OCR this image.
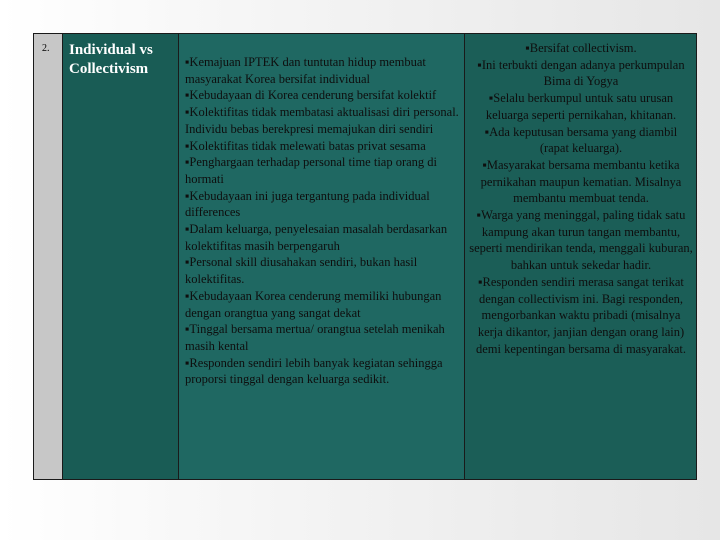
2.	Individual vs
Collectivism	▪Kemajuan IPTEK dan tuntutan hidup membuat masyarakat Korea bersifat individual
▪Kebudayaan di Korea cenderung bersifat kolektif
▪Kolektifitas tidak membatasi aktualisasi diri personal. Individu bebas berekpresi memajukan diri sendiri
▪Kolektifitas tidak melewati batas privat sesama
▪Penghargaan terhadap personal time tiap orang di hormati
▪Kebudayaan ini juga tergantung pada individual differences
▪Dalam keluarga, penyelesaian masalah berdasarkan kolektifitas masih berpengaruh
▪Personal skill diusahakan sendiri, bukan hasil kolektifitas.
▪Kebudayaan Korea cenderung memiliki hubungan dengan orangtua yang sangat dekat
▪Tinggal bersama mertua/ orangtua setelah menikah masih kental
▪Responden sendiri lebih banyak kegiatan sehingga proporsi tinggal dengan keluarga sedikit.
▪Bersifat collectivism.
▪Ini terbukti dengan adanya perkumpulan Bima di Yogya
▪Selalu berkumpul untuk satu urusan keluarga seperti pernikahan, khitanan.
▪Ada keputusan bersama yang diambil (rapat keluarga).
▪Masyarakat bersama membantu ketika pernikahan maupun kematian. Misalnya membantu membuat tenda.
▪Warga yang meninggal, paling tidak satu kampung akan turun tangan membantu, seperti mendirikan tenda, menggali kuburan, bahkan untuk sekedar hadir.
▪Responden sendiri merasa sangat terikat dengan collectivism ini. Bagi responden, mengorbankan waktu pribadi (misalnya kerja dikantor, janjian dengan orang lain) demi kepentingan bersama di masyarakat.
